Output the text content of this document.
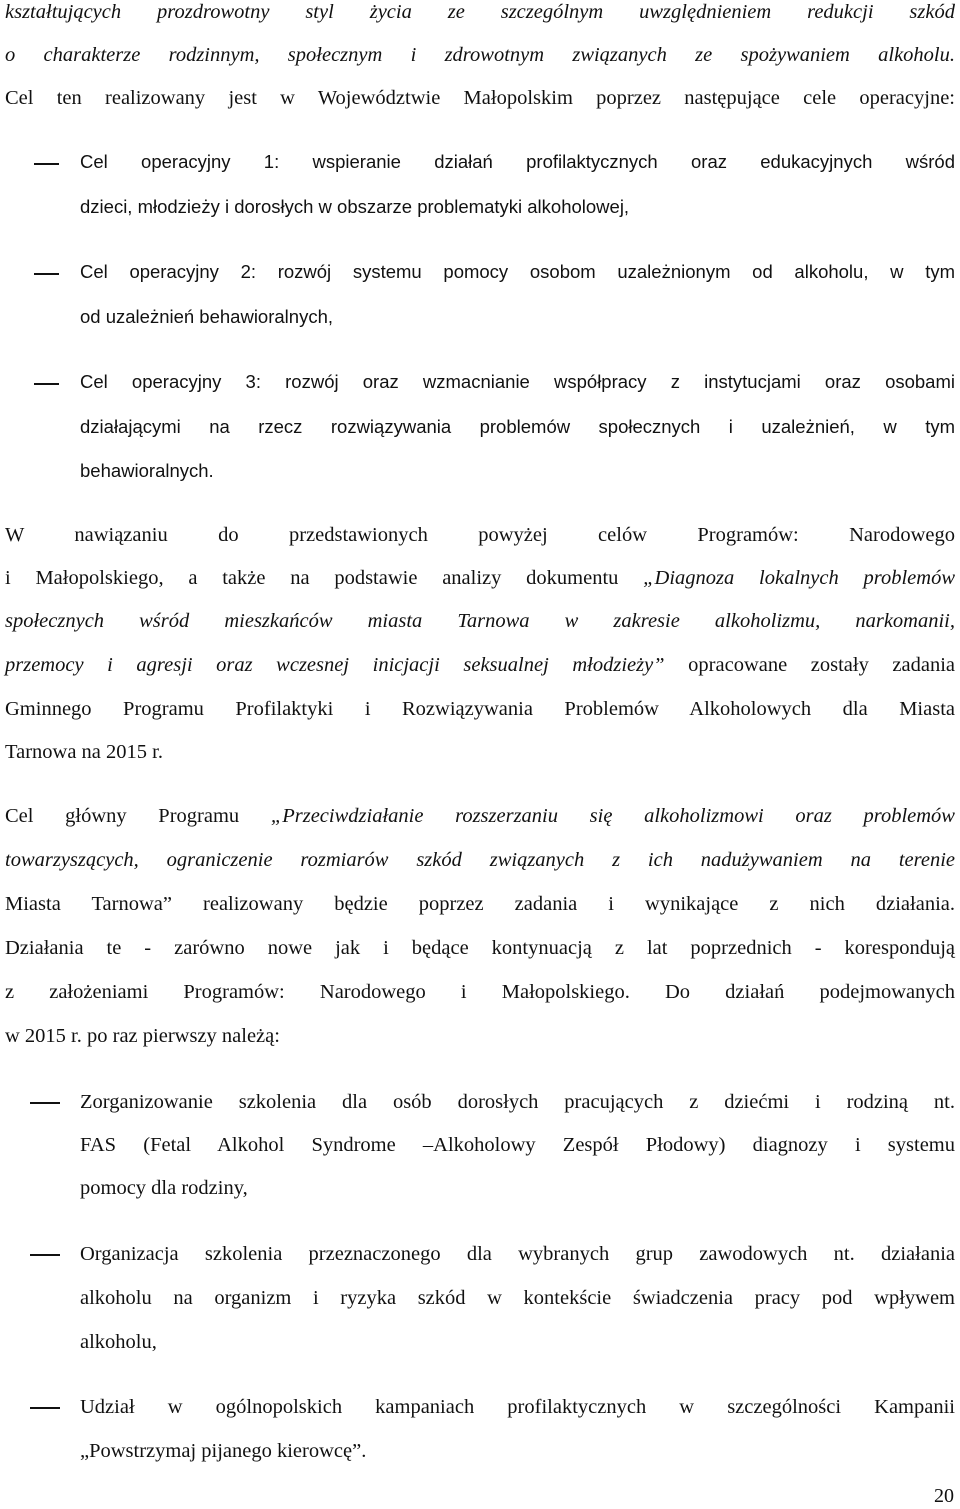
kształtujących prozdrowotny styl życia ze szczególnym uwzględnieniem redukcji szkód
o charakterze rodzinnym, społecznym i zdrowotnym związanych ze spożywaniem alkoholu.
Cel ten realizowany jest w Województwie Małopolskim poprzez następujące cele operacyjne:
Cel operacyjny 1: wspieranie działań profilaktycznych oraz edukacyjnych wśród
dzieci, młodzieży i dorosłych w obszarze problematyki alkoholowej,
Cel operacyjny 2: rozwój systemu pomocy osobom uzależnionym od alkoholu, w tym
od uzależnień behawioralnych,
Cel operacyjny 3: rozwój oraz wzmacnianie współpracy z instytucjami oraz osobami
działającymi na rzecz rozwiązywania problemów społecznych i uzależnień, w tym
behawioralnych.
W nawiązaniu do przedstawionych powyżej celów Programów: Narodowego
i Małopolskiego, a także na podstawie analizy dokumentu „Diagnoza lokalnych problemów
społecznych wśród mieszkańców miasta Tarnowa w zakresie alkoholizmu, narkomanii,
przemocy i agresji oraz wczesnej inicjacji seksualnej młodzieży” opracowane zostały zadania
Gminnego Programu Profilaktyki i Rozwiązywania Problemów Alkoholowych dla Miasta
Tarnowa na 2015 r.
Cel główny Programu „Przeciwdziałanie rozszerzaniu się alkoholizmowi oraz problemów
towarzyszących, ograniczenie rozmiarów szkód związanych z ich nadużywaniem na terenie
Miasta Tarnowa” realizowany będzie poprzez zadania i wynikające z nich działania.
Działania te - zarówno nowe jak i będące kontynuacją z lat poprzednich - korespondują
z założeniami Programów: Narodowego i Małopolskiego. Do działań podejmowanych
w 2015 r. po raz pierwszy należą:
Zorganizowanie szkolenia dla osób dorosłych pracujących z dziećmi i rodziną nt.
FAS (Fetal Alkohol Syndrome –Alkoholowy Zespół Płodowy) diagnozy i systemu
pomocy dla rodziny,
Organizacja szkolenia przeznaczonego dla wybranych grup zawodowych nt. działania
alkoholu na organizm i ryzyka szkód w kontekście świadczenia pracy pod wpływem
alkoholu,
Udział w ogólnopolskich kampaniach profilaktycznych w szczególności Kampanii
„Powstrzymaj pijanego kierowcę”.
20
